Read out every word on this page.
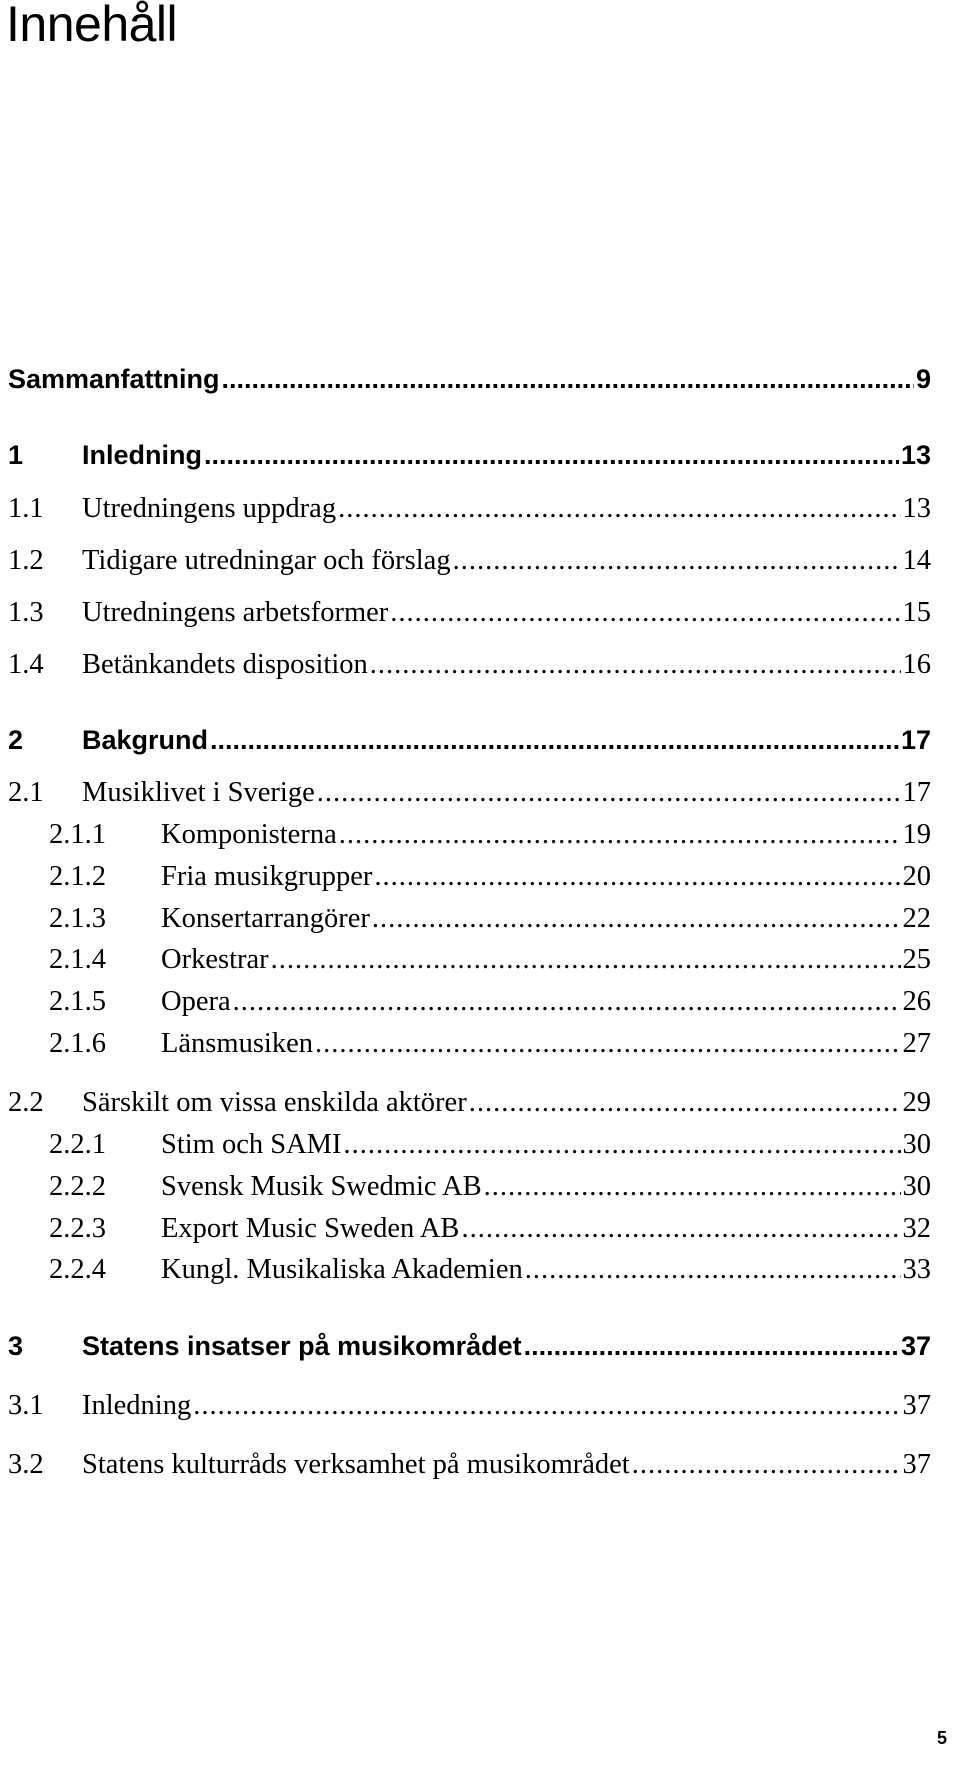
Innehåll
Sammanfattning .....	9
1	Inledning .....	13
1.1	Utredningens uppdrag .....	13
1.2	Tidigare utredningar och förslag .....	14
1.3	Utredningens arbetsformer .....	15
1.4	Betänkandets disposition .....	16
2	Bakgrund .....	17
2.1	Musiklivet i Sverige .....	17
2.1.1	Komponisterna .....	19
2.1.2	Fria musikgrupper .....	20
2.1.3	Konsertarrangörer .....	22
2.1.4	Orkestrar .....	25
2.1.5	Opera .....	26
2.1.6	Länsmusiken .....	27
2.2	Särskilt om vissa enskilda aktörer .....	29
2.2.1	Stim och SAMI .....	30
2.2.2	Svensk Musik Swedmic AB .....	30
2.2.3	Export Music Sweden AB .....	32
2.2.4	Kungl. Musikaliska Akademien .....	33
3	Statens insatser på musikområdet .....	37
3.1	Inledning .....	37
3.2	Statens kulturråds verksamhet på musikområdet .....	37
5
